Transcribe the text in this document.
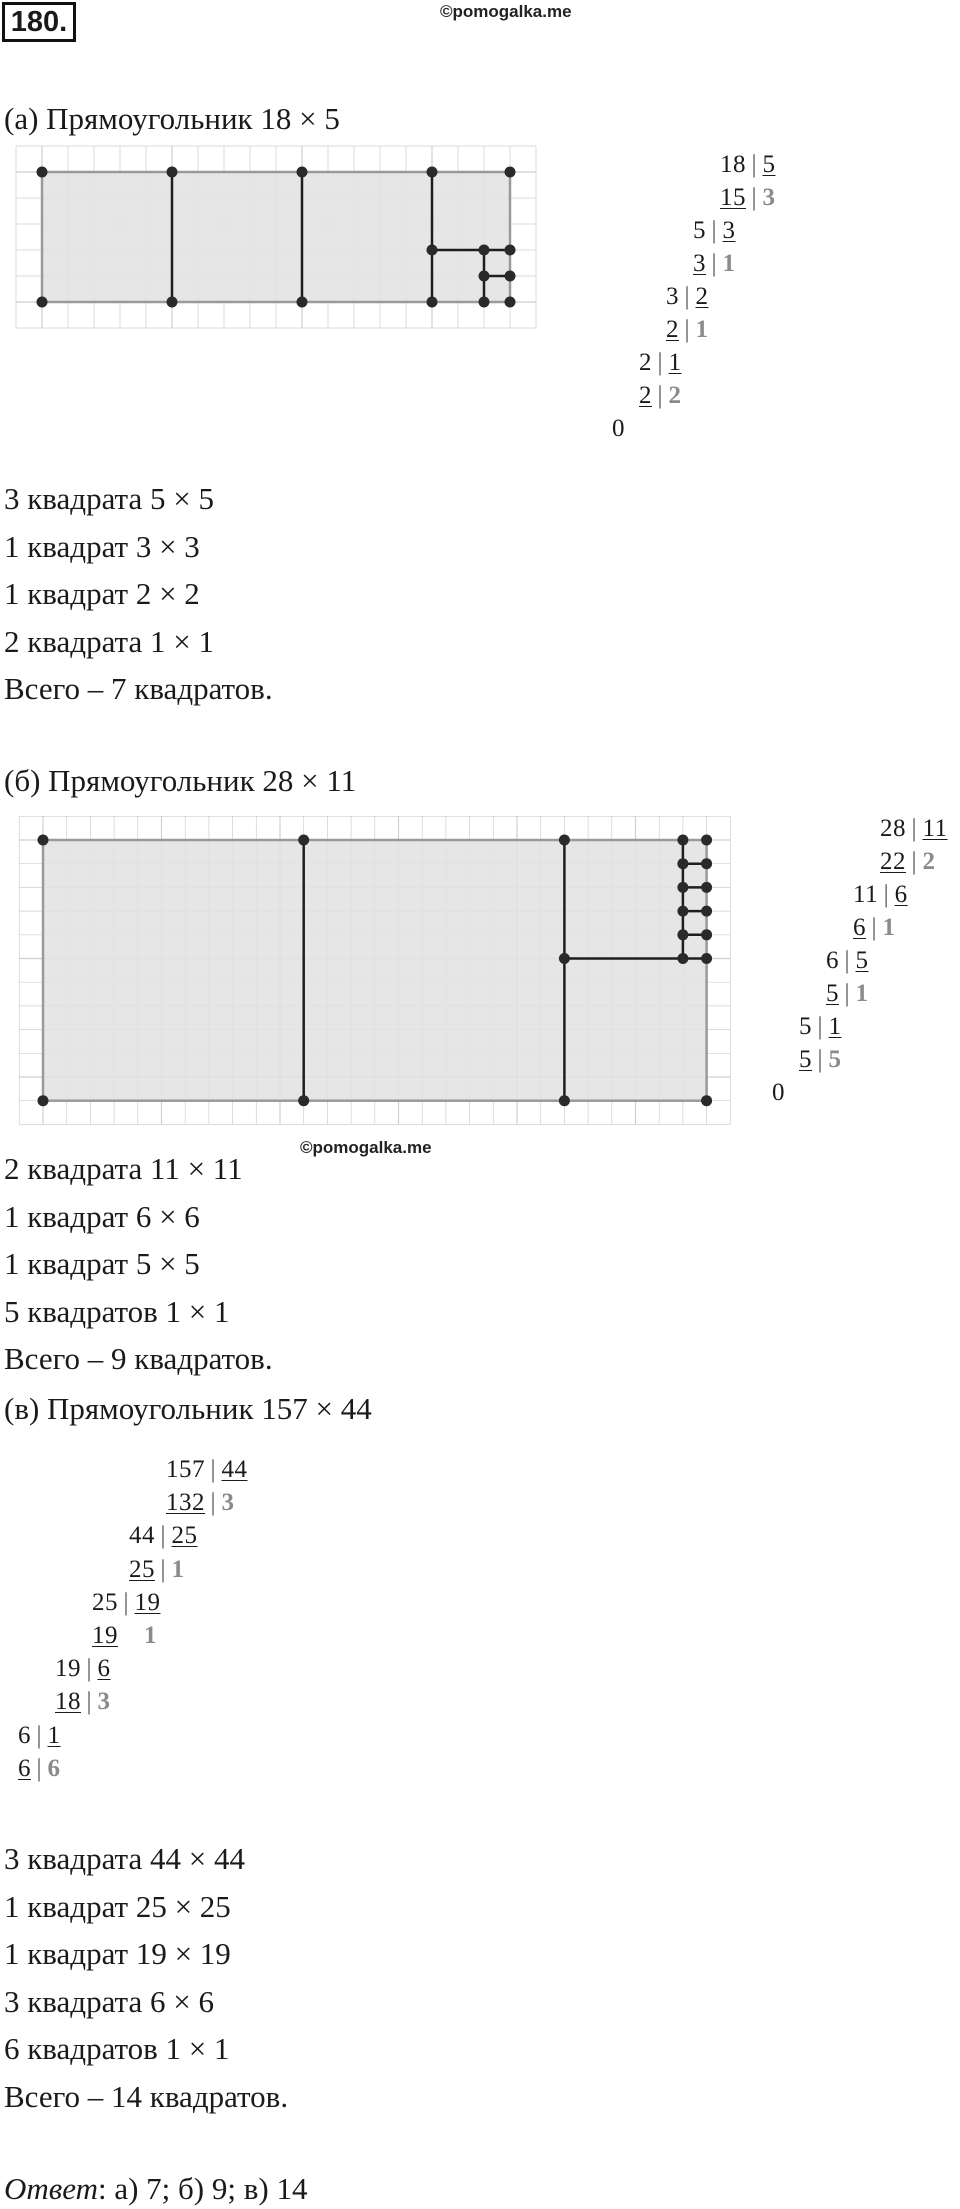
180.	©pomogalka.me
(а) Прямоугольник 18 × 5
18 | 5
15 | 3
5 | 3
3 | 1
3 | 2
2 | 1
2 | 1
2 | 2
0
3 квадрата 5 × 5
1 квадрат 3 × 3
1 квадрат 2 × 2
2 квадрата 1 × 1
Всего – 7 квадратов.
(б) Прямоугольник 28 × 11
©pomogalka.me
28 | 11
22 | 2
11 | 6
6 | 1
6 | 5
5 | 1
5 | 1
5 | 5
0
2 квадрата 11 × 11
1 квадрат 6 × 6
1 квадрат 5 × 5
5 квадратов 1 × 1
Всего – 9 квадратов.
(в) Прямоугольник 157 × 44
157 | 44
132 | 3
44 | 25
25 | 1
25 | 19
19   1
19 | 6
18 | 3
6 | 1
6 | 6
3 квадрата 44 × 44
1 квадрат 25 × 25
1 квадрат 19 × 19
3 квадрата 6 × 6
6 квадратов 1 × 1
Всего – 14 квадратов.
Ответ: а) 7; б) 9; в) 14
